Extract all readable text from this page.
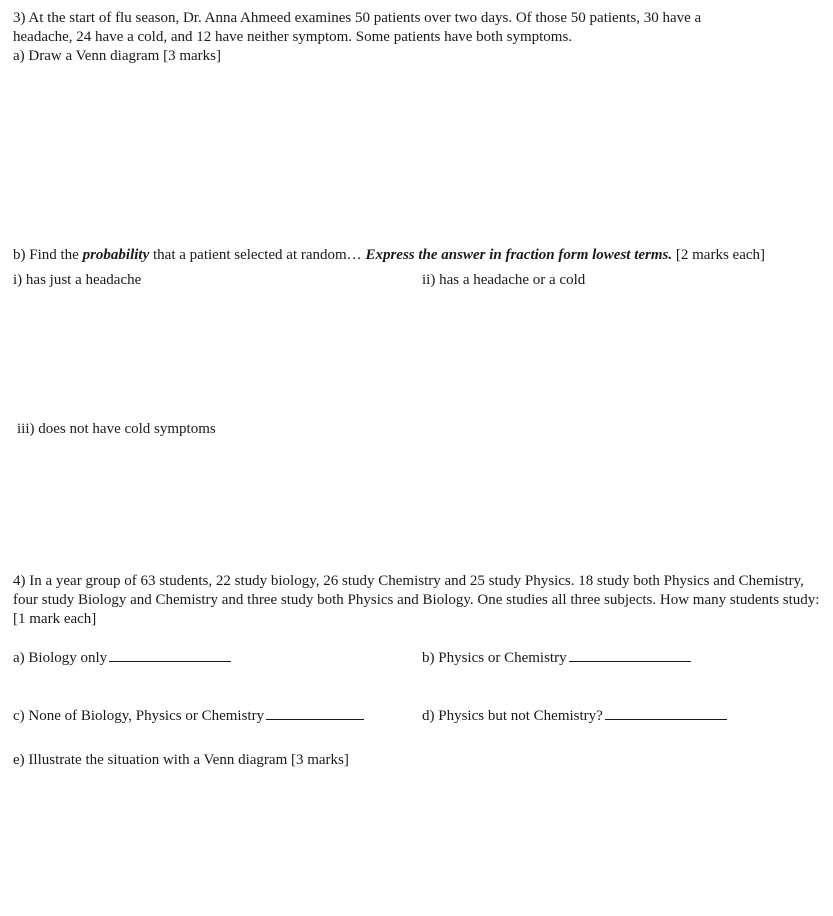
3) At the start of flu season, Dr. Anna Ahmeed examines 50 patients over two days. Of those 50 patients, 30 have a
headache, 24 have a cold, and 12 have neither symptom. Some patients have both symptoms.
a) Draw a Venn diagram [3 marks]
b) Find the probability that a patient selected at random… Express the answer in fraction form lowest terms. [2 marks each]
i) has just a headache	ii) has a headache or a cold
iii) does not have cold symptoms
4) In a year group of 63 students, 22 study biology, 26 study Chemistry and 25 study Physics. 18 study both Physics and Chemistry, four study Biology and Chemistry and three study both Physics and Biology. One studies all three subjects. How many students study: [1 mark each]
a) Biology only	b) Physics or Chemistry
c) None of Biology, Physics or Chemistry	d) Physics but not Chemistry?
e) Illustrate the situation with a Venn diagram [3 marks]
